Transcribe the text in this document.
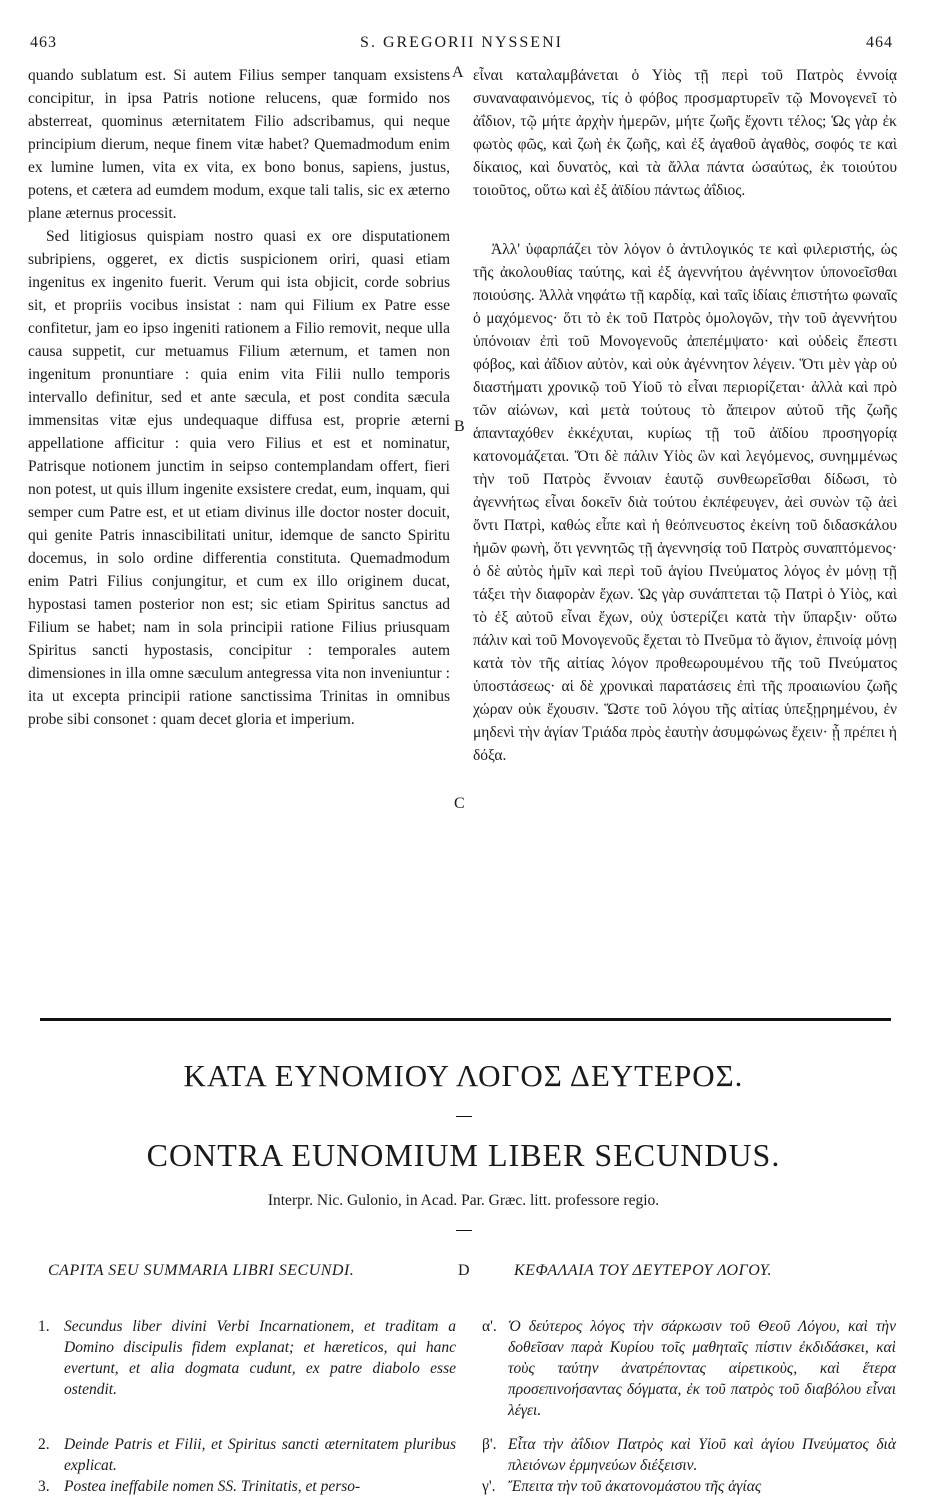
463	S. GREGORII NYSSENI	464

quando sublatum est. Si autem Filius semper tanquam exsistens concipitur, in ipsa Patris notione relucens, quæ formido nos absterreat, quominus æternitatem Filio adscribamus, qui neque principium dierum, neque finem vitæ habet? Quemadmodum enim ex lumine lumen, vita ex vita, ex bono bonus, sapiens, justus, potens, et cætera ad eumdem modum, exque tali talis, sic ex æterno plane æternus processit.

Sed litigiosus quispiam nostro quasi ex ore disputationem subripiens, oggeret, ex dictis suspicionem oriri, quasi etiam ingenitus ex ingenito fuerit. Verum qui ista objicit, corde sobrius sit, et propriis vocibus insistat : nam qui Filium ex Patre esse confitetur, jam eo ipso ingeniti rationem a Filio removit, neque ulla causa suppetit, cur metuamus Filium æternum, et tamen non ingenitum pronuntiare : quia enim vita Filii nullo temporis intervallo definitur, sed et ante sæcula, et post condita sæcula immensitas vitæ ejus undequaque diffusa est, proprie æterni appellatione afficitur : quia vero Filius et est et nominatur, Patrisque notionem junctim in seipso contemplandam offert, fieri non potest, ut quis illum ingenite exsistere credat, eum, inquam, qui semper cum Patre est, et ut etiam divinus ille doctor noster docuit, qui genite Patris innascibilitati unitur, idemque de sancto Spiritu docemus, in solo ordine differentia constituta. Quemadmodum enim Patri Filius conjungitur, et cum ex illo originem ducat, hypostasi tamen posterior non est; sic etiam Spiritus sanctus ad Filium se habet; nam in sola principii ratione Filius priusquam Spiritus sancti hypostasis, concipitur : temporales autem dimensiones in illa omne sæculum antegressa vita non inveniuntur : ita ut excepta principii ratione sanctissima Trinitas in omnibus probe sibi consonet : quam decet gloria et imperium.

εἶναι καταλαμβάνεται ὁ Υἱὸς τῇ περὶ τοῦ Πατρὸς ἐννοίᾳ συναναφαινόμενος, τίς ὁ φόβος προσμαρτυρεῖν τῷ Μονογενεῖ τὸ ἀΐδιον, τῷ μήτε ἀρχὴν ἡμερῶν, μήτε ζωῆς ἔχοντι τέλος; Ὡς γὰρ ἐκ φωτὸς φῶς, καὶ ζωὴ ἐκ ζωῆς, καὶ ἐξ ἀγαθοῦ ἀγαθὸς, σοφός τε καὶ δίκαιος, καὶ δυνατὸς, καὶ τὰ ἄλλα πάντα ὡσαύτως, ἐκ τοιούτου τοιοῦτος, οὕτω καὶ ἐξ ἀϊδίου πάντως ἀΐδιος.

Ἀλλ' ὑφαρπάζει τὸν λόγον ὁ ἀντιλογικός τε καὶ φιλεριστής, ὡς τῆς ἀκολουθίας ταύτης, καὶ ἐξ ἀγεννήτου ἀγέννητον ὑπονοεῖσθαι ποιούσης. Ἀλλὰ νηφάτω τῇ καρδίᾳ, καὶ ταῖς ἰδίαις ἐπιστήτω φωναῖς ὁ μαχόμενος· ὅτι τὸ ἐκ τοῦ Πατρὸς ὁμολογῶν, τὴν τοῦ ἀγεννήτου ὑπόνοιαν ἐπὶ τοῦ Μονογενοῦς ἀπεπέμψατο· καὶ οὐδεὶς ἔπεστι φόβος, καὶ ἀΐδιον αὐτὸν, καὶ οὐκ ἀγέννητον λέγειν. Ὅτι μὲν γὰρ οὐ διαστήματι χρονικῷ τοῦ Υἱοῦ τὸ εἶναι περιορίζεται· ἀλλὰ καὶ πρὸ τῶν αἰώνων, καὶ μετὰ τούτους τὸ ἄπειρον αὐτοῦ τῆς ζωῆς ἁπανταχόθεν ἐκκέχυται, κυρίως τῇ τοῦ ἀϊδίου προσηγορίᾳ κατονομάζεται. Ὅτι δὲ πάλιν Υἱὸς ὢν καὶ λεγόμενος, συνημμένως τὴν τοῦ Πατρὸς ἔννοιαν ἑαυτῷ συνθεωρεῖσθαι δίδωσι, τὸ ἀγεννήτως εἶναι δοκεῖν διὰ τούτου ἐκπέφευγεν, ἀεὶ συνὼν τῷ ἀεὶ ὄντι Πατρὶ, καθώς εἶπε καὶ ἡ θεόπνευστος ἐκείνη τοῦ διδασκάλου ἡμῶν φωνὴ, ὅτι γεννητῶς τῇ ἀγεννησίᾳ τοῦ Πατρὸς συναπτόμενος· ὁ δὲ αὐτὸς ἡμῖν καὶ περὶ τοῦ ἁγίου Πνεύματος λόγος ἐν μόνῃ τῇ τάξει τὴν διαφορὰν ἔχων. Ὡς γὰρ συνάπτεται τῷ Πατρὶ ὁ Υἱὸς, καὶ τὸ ἐξ αὐτοῦ εἶναι ἔχων, οὐχ ὑστερίζει κατὰ τὴν ὕπαρξιν· οὕτω πάλιν καὶ τοῦ Μονογενοῦς ἔχεται τὸ Πνεῦμα τὸ ἅγιον, ἐπινοίᾳ μόνῃ κατὰ τὸν τῆς αἰτίας λόγον προθεωρουμένου τῆς τοῦ Πνεύματος ὑποστάσεως· αἱ δὲ χρονικαὶ παρατάσεις ἐπὶ τῆς προαιωνίου ζωῆς χώραν οὐκ ἔχουσιν. Ὥστε τοῦ λόγου τῆς αἰτίας ὑπεξῃρημένου, ἐν μηδενὶ τὴν ἁγίαν Τριάδα πρὸς ἑαυτὴν ἀσυμφώνως ἔχειν· ᾗ πρέπει ἡ δόξα.

A
B
C
ΚΑΤΑ ΕΥΝΟΜΙΟΥ ΛΟΓΟΣ ΔΕΥΤΕΡΟΣ.
CONTRA EUNOMIUM LIBER SECUNDUS.
Interpr. Nic. Gulonio, in Acad. Par. Græc. litt. professore regio.
CAPITA SEU SUMMARIA LIBRI SECUNDI.	D	ΚΕΦΑΛΑΙΑ ΤΟΥ ΔΕΥΤΕΡΟΥ ΛΟΓΟΥ.
1. Secundus liber divini Verbi Incarnationem, et traditam a Domino discipulis fidem explanat; et hæreticos, qui hanc evertunt, et alia dogmata cudunt, ex patre diabolo esse ostendit.
2. Deinde Patris et Filii, et Spiritus sancti æternitatem pluribus explicat.
3. Postea ineffabile nomen SS. Trinitatis, et perso-
α'. Ὁ δεύτερος λόγος τὴν σάρκωσιν τοῦ Θεοῦ Λόγου, καὶ τὴν δοθεῖσαν παρὰ Κυρίου τοῖς μαθηταῖς πίστιν ἐκδιδάσκει, καὶ τοὺς ταύτην ἀνατρέποντας αἱρετικοὺς, καὶ ἕτερα προσεπινοήσαντας δόγματα, ἐκ τοῦ πατρὸς τοῦ διαβόλου εἶναι λέγει.
β'. Εἶτα τὴν ἀΐδιον Πατρὸς καὶ Υἱοῦ καὶ ἁγίου Πνεύματος διὰ πλειόνων ἑρμηνεύων διέξεισιν.
γ'. Ἔπειτα τὴν τοῦ ἀκατονομάστου τῆς ἁγίας
